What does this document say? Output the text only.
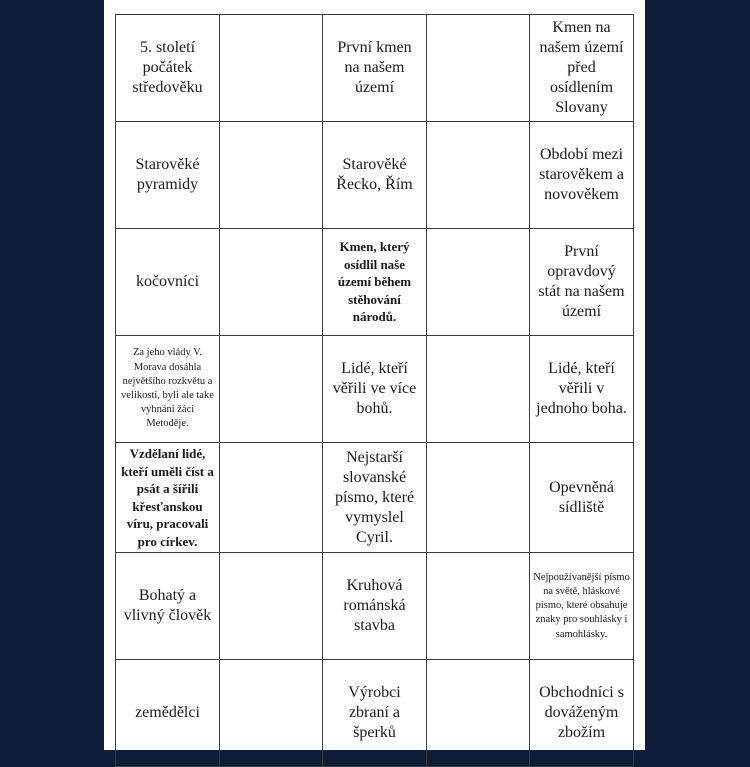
5. století počátek středověku		První kmen na našem území		Kmen na našem území před osídlením Slovany
Starověké pyramidy		Starověké Řecko, Řím		Období mezi starověkem a novověkem
kočovníci		Kmen, který osídlil naše území během stěhování národů.		První opravdový stát na našem území
Za jeho vlády V. Morava dosáhla největšího rozkvětu a velikosti, byli ale take vyhnáni žáci Metoděje.		Lidé, kteří věřili ve více bohů.		Lidé, kteří věřili v jednoho boha.
Vzdělaní lidé, kteří uměli číst a psát a šířili křesťanskou víru, pracovali pro církev.		Nejstarší slovanské písmo, které vymyslel Cyril.		Opevněná sídliště
Bohatý a vlivný člověk		Kruhová románská stavba		Nejpoužívanější písmo na světě, hláskové písmo, které obsahuje znaky pro souhlásky i samohlásky.
zemědělci		Výrobci zbraní a šperků		Obchodníci s dováženým zbožím
